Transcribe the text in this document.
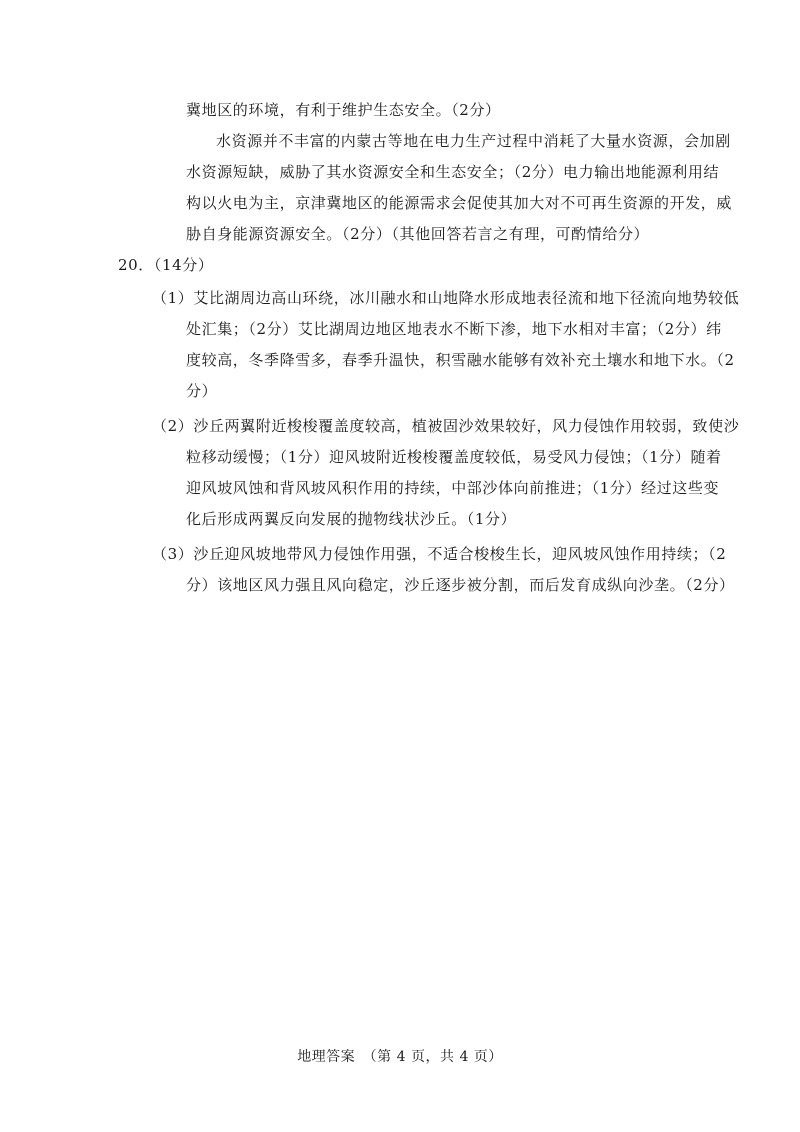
冀地区的环境，有利于维护生态安全。（2分）
水资源并不丰富的内蒙古等地在电力生产过程中消耗了大量水资源，会加剧
水资源短缺，威胁了其水资源安全和生态安全；（2分）电力输出地能源利用结
构以火电为主，京津冀地区的能源需求会促使其加大对不可再生资源的开发，威
胁自身能源资源安全。（2分）（其他回答若言之有理，可酌情给分）
20．（14分）
（1）艾比湖周边高山环绕，冰川融水和山地降水形成地表径流和地下径流向地势较低
处汇集；（2分）艾比湖周边地区地表水不断下渗，地下水相对丰富；（2分）纬
度较高，冬季降雪多，春季升温快，积雪融水能够有效补充土壤水和地下水。（2
分）
（2）沙丘两翼附近梭梭覆盖度较高，植被固沙效果较好，风力侵蚀作用较弱，致使沙
粒移动缓慢；（1分）迎风坡附近梭梭覆盖度较低，易受风力侵蚀；（1分）随着
迎风坡风蚀和背风坡风积作用的持续，中部沙体向前推进；（1分）经过这些变
化后形成两翼反向发展的抛物线状沙丘。（1分）
（3）沙丘迎风坡地带风力侵蚀作用强，不适合梭梭生长，迎风坡风蚀作用持续；（2
分）该地区风力强且风向稳定，沙丘逐步被分割，而后发育成纵向沙垄。（2分）
地理答案　（第 4 页，共 4 页）
